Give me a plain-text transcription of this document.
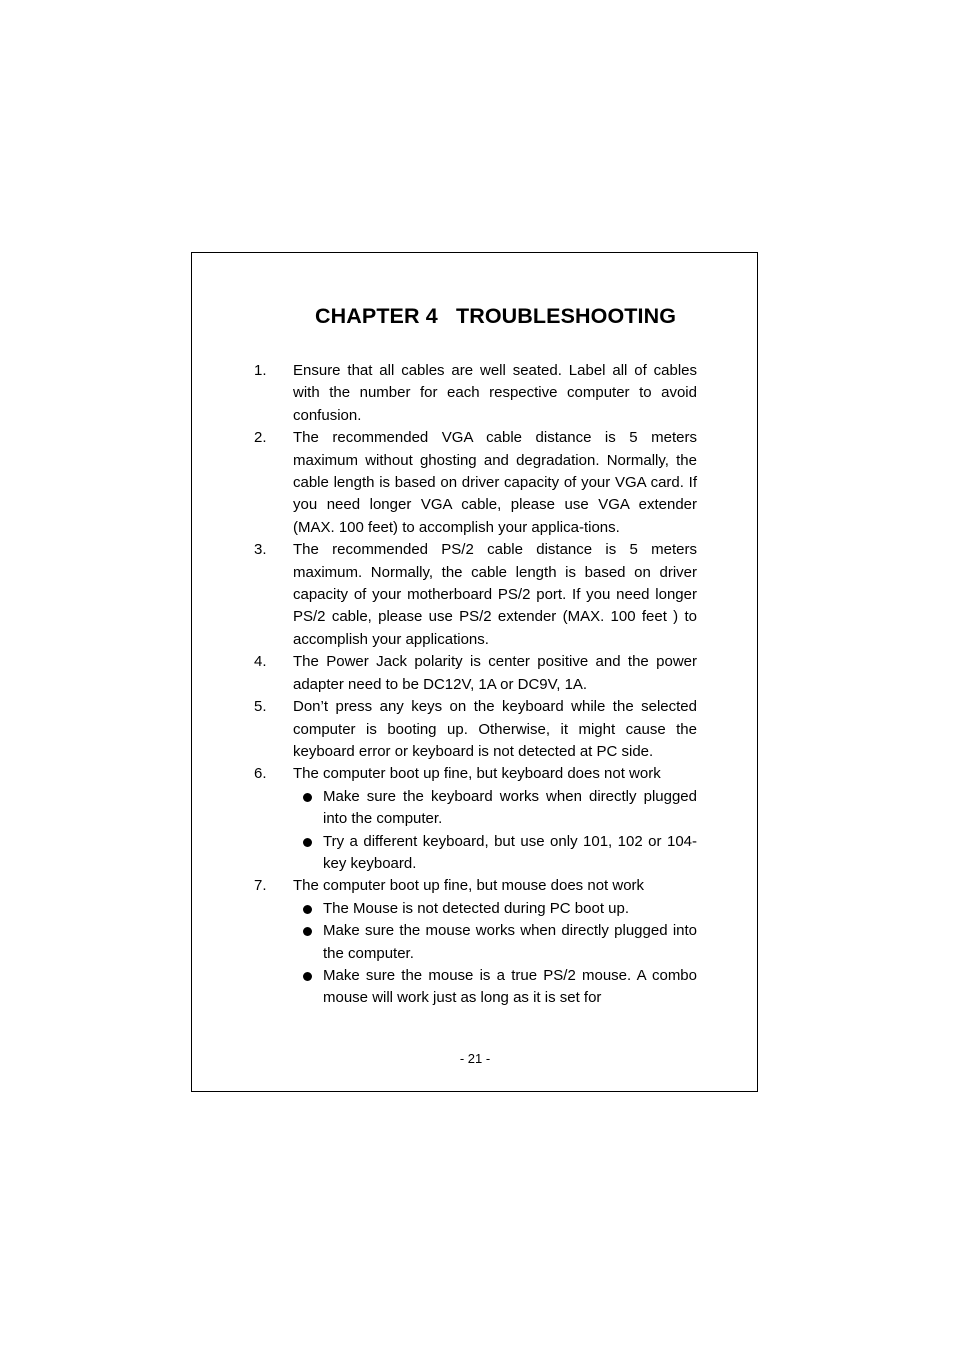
CHAPTER 4   TROUBLESHOOTING
1.	Ensure that all cables are well seated. Label all of cables with the number for each respective computer to avoid confusion.
2.	The recommended VGA cable distance is 5 meters maximum without ghosting and degradation. Normally, the cable length is based on driver capacity of your VGA card. If you need longer VGA cable, please use VGA extender (MAX. 100 feet) to accomplish your applica-tions.
3.	The recommended PS/2 cable distance is 5 meters maximum. Normally, the cable length is based on driver capacity of your motherboard PS/2 port. If you need longer PS/2 cable, please use PS/2 extender (MAX. 100 feet ) to accomplish your applications.
4.	The Power Jack polarity is center positive and the power adapter need to be DC12V, 1A or DC9V, 1A.
5.	Don’t press any keys on the keyboard while the selected computer is booting up. Otherwise, it might cause the keyboard error or keyboard is not detected at PC side.
6.	The computer boot up fine, but keyboard does not work
Make sure the keyboard works when directly plugged into the computer.
Try a different keyboard, but use only 101, 102 or 104-key keyboard.
7.	The computer boot up fine, but mouse does not work
The Mouse is not detected during PC boot up.
Make sure the mouse works when directly plugged into the computer.
Make sure the mouse is a true PS/2 mouse. A combo mouse will work just as long as it is set for
- 21 -
